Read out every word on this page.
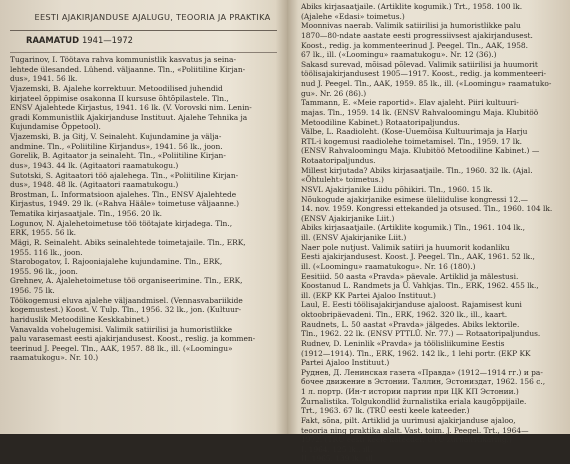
EESTI AJAKIRJANDUSE AJALUGU, TEOORIA JA PRAKTIKA
RAAMATUD 1941—1972
Tugarinov, I. Töötava rahva kommunistlik kasvatus ja seina-
lehtede ülesanded. Lühend. väljaanne. Tln., «Poliitiline Kirjan-
dus», 1941. 56 lk.
Vjazemski, B. Ajalehe korrektuur. Metoodilised juhendid
kirjateel õppimise osakonna II kursuse õhtõpilastele. Tln.,
ENSV Ajalehtede Kirjastus, 1941. 16 lk. (V. Vorovski nim. Lenin-
gradi Kommunistlik Ajakirjanduse Instituut. Ajalehe Tehnika ja
Kujundamise Õppetool).
Vjazemski, B. ja Gitj, V. Seinaleht. Kujundamine ja välja-
andmine. Tln., «Poliitiline Kirjandus», 1941. 56 lk., joon.
Gorelik, B. Agitaator ja seinaleht. Tln., «Poliitiline Kirjan-
dus», 1943. 44 lk. (Agitaatori raamatukogu.)
Sutotski, S. Agitaatori töö ajalehega. Tln., «Poliitiline Kirjan-
dus», 1948. 48 lk. (Agitaatori raamatukogu.)
Brostman, L. Informatsioon ajalehes. Tln., ENSV Ajalehtede
Kirjastus, 1949. 29 lk. («Rahva Hääle» toimetuse väljaanne.)
Tematika kirjasaatjale. Tln., 1956. 20 lk.
Logunov, N. Ajalehetoimetuse töö töötajate kirjadega. Tln.,
ERK, 1955. 56 lk.
Mägi, R. Seinaleht. Abiks seinalehtede toimetajaile. Tln., ERK,
1955. 116 lk., joon.
Starobogatov, I. Rajooniajalehe kujundamine. Tln., ERK,
1955. 96 lk., joon.
Grehnev, A. Ajalehetoimetuse töö organiseerimine. Tln., ERK,
1956. 75 lk.
Töökogemusi eluva ajalehe väljaandmisel. (Vennasvabariikide
kogemustest.) Koost. V. Tulp. Tln., 1956. 32 lk., jon. (Kultuur-
hariduslik Metoodiline Keskkabinet.)
Vanavalda vohelugemisi. Valimik satiirilisi ja humoristlikke
palu varasemast eesti ajakirjandusest. Koost., reslig. ja kommen-
teerinud J. Peegel. Tln., AAK, 1957. 88 lk., ill. («Loomingu»
raamatukogu». Nr. 10.)
Abiks kirjasaatjaile. (Artiklite kogumik.) Trt., 1958. 100 lk.
(Ajalehe «Edasi» toimetus.)
Moonnivas naerab. Valimik satiirilisi ja humoristlikke palu
1870—80-ndate aastate eesti progressiivsest ajakirjandusest.
Koost., redig. ja kommenteerinud J. Peegel. Tln., AAK, 1958.
67 lk., ill. («Loomingu» raamatukogu». Nr. 12 (36).)
Sakasd surevad, mõisad põlevad. Valimik satiirilisi ja huumorit
töölisajakirjandusest 1905—1917. Koost., redig. ja kommenteeri-
nud J. Peegel. Tln., AAK, 1959. 85 lk., ill. («Loomingu» raamatuko-
gu». Nr. 26 (86).)
Tammann, E. «Meie raportid». Elav ajaleht. Piiri kultuuri-
majas. Tln., 1959. 14 lk. (ENSV Rahvaloomingu Maja. Klubitöö
Metoodiline Kabinet.) Rotaatoripaljundus.
Välbe, L. Raadioleht. (Kose-Uuemõisa Kultuurimaja ja Harju
RTL-i kogemusi raadiolehe toimetamisel. Tln., 1959. 17 lk.
(ENSV Rahvaloomingu Maja. Klubitöö Metoodiline Kabinet.) —
Rotaatoripaljundus.
Millest kirjutada? Abiks kirjasaatjaile. Tln., 1960. 32 lk. (Ajal.
«Õhtuleht» toimetus.)
NSVL Ajakirjanike Liidu põhikiri. Tln., 1960. 15 lk.
Nõukogude ajakirjanike esimese üleliidulise kongressi 12.—
14. nov. 1959. Kongressi ettekanded ja otsused. Tln., 1960. 104 lk.
(ENSV Ajakirjanike Liit.)
Abiks kirjasaatjaile. (Artiklite kogumik.) Tln., 1961. 104 lk.,
ill. (ENSV Ajakirjanike Liit.)
Naer pole nutjust. Valimik satiiri ja huumorit kodanliku
Eesti ajakirjandusest. Koost. J. Peegel. Tln., AAK, 1961. 52 lk.,
ill. («Loomingu» raamatukogu». Nr. 16 (180).)
Eesitiid. 50 aasta «Pravda» päevale. Artiklid ja mälestusi.
Koostanud L. Randmets ja Ü. Vahkjas. Tln., ERK, 1962. 455 lk.,
ill. (EKP KK Partei Ajaloo Instituut.)
Laul, E. Eesti töölisajakirjanduse ajaloost. Rajamisest kuni
oktoobripäevadeni. Tln., ERK, 1962. 320 lk., ill., kaart.
Raudnets, L. 50 aastat «Pravda» jälgedes. Abiks lektorile.
Tln., 1962. 22 lk. (ENSV PTTLÜ. Nr. 77.) — Rotaatoripaljundus.
Rudnev, D. Leninlik «Pravda» ja töölisliikumine Eestis
(1912—1914). Tln., ERK, 1962. 142 lk., 1 lehi portr. (EKP KK
Partei Ajaloo Instituut.)
Руднев, Д. Ленинская газета «Правда» (1912—1914 гг.) и ра-
бочее движение в Эстонии. Таллин, Эстониздат, 1962. 156 с.,
1 л. портр. (Ин-т истории партии при ЦК КП Эстонии.)
Žurnalistika. Tolgukondlid žurnalistika eriala kaugõppijaile.
Trt., 1963. 67 lk. (TRÜ eesti keele kateeder.)
Fakt, sõna, pilt. Artiklid ja uurimusi ajakirjanduse ajaloo,
teooria ning praktika alalt. Vast. toim. J. Peegel. Trt., 1964—
1972. (TRÜ eesti keele kateeder. ÜTÜ žurnalistikaring.)
I. 1964. 125 lk., ill.
II. 1965. 139 lk., ill.
